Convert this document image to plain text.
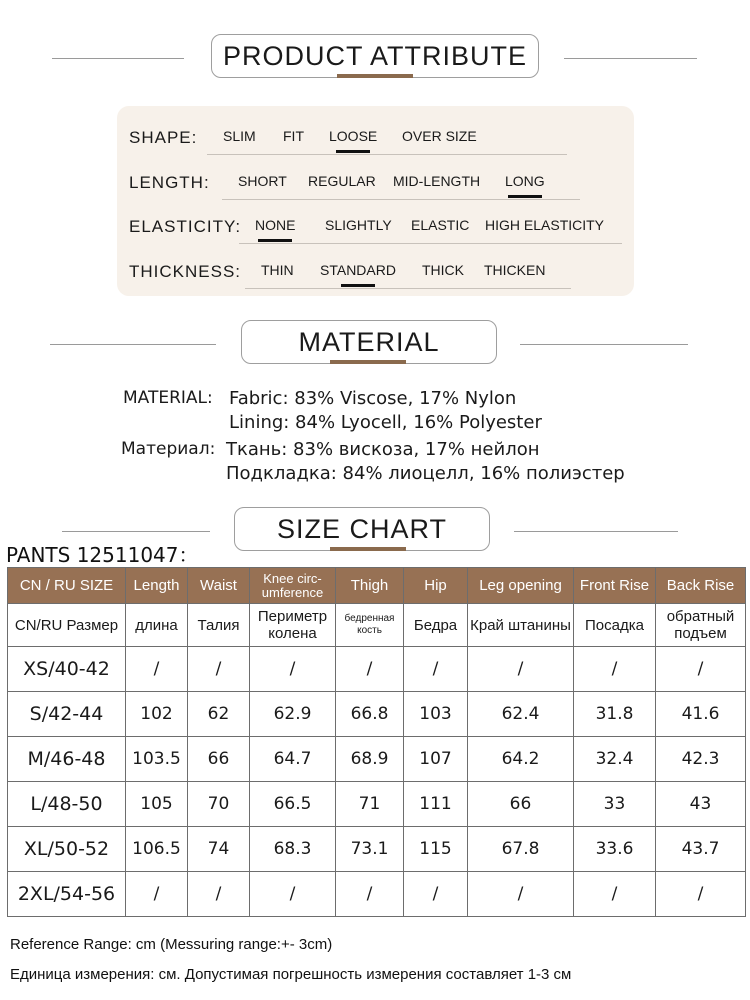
PRODUCT ATTRIBUTE
SHAPE: SLIM FIT LOOSE OVER SIZE
LENGTH: SHORT REGULAR MID-LENGTH LONG
ELASTICITY: NONE SLIGHTLY ELASTIC HIGH ELASTICITY
THICKNESS: THIN STANDARD THICK THICKEN
MATERIAL
MATERIAL: Fabric: 83% Viscose, 17% Nylon
Lining: 84% Lyocell, 16% Polyester
Материал: Ткань: 83% вискоза, 17% нейлон
Подкладка: 84% лиоцелл, 16% полиэстер
SIZE CHART
PANTS 12511047：
CN / RU SIZE	Length	Waist	Knee circ-umference	Thigh	Hip	Leg opening	Front Rise	Back Rise
CN/RU Размер	длина	Талия	Периметр колена	бедренная кость	Бедра	Край штанины	Посадка	обратный подъем
XS/40-42	/	/	/	/	/	/	/	/
S/42-44	102	62	62.9	66.8	103	62.4	31.8	41.6
M/46-48	103.5	66	64.7	68.9	107	64.2	32.4	42.3
L/48-50	105	70	66.5	71	111	66	33	43
XL/50-52	106.5	74	68.3	73.1	115	67.8	33.6	43.7
2XL/54-56	/	/	/	/	/	/	/	/
Reference Range: cm (Messuring range:+- 3cm)
Единица измерения: см. Допустимая погрешность измерения составляет 1-3 см
